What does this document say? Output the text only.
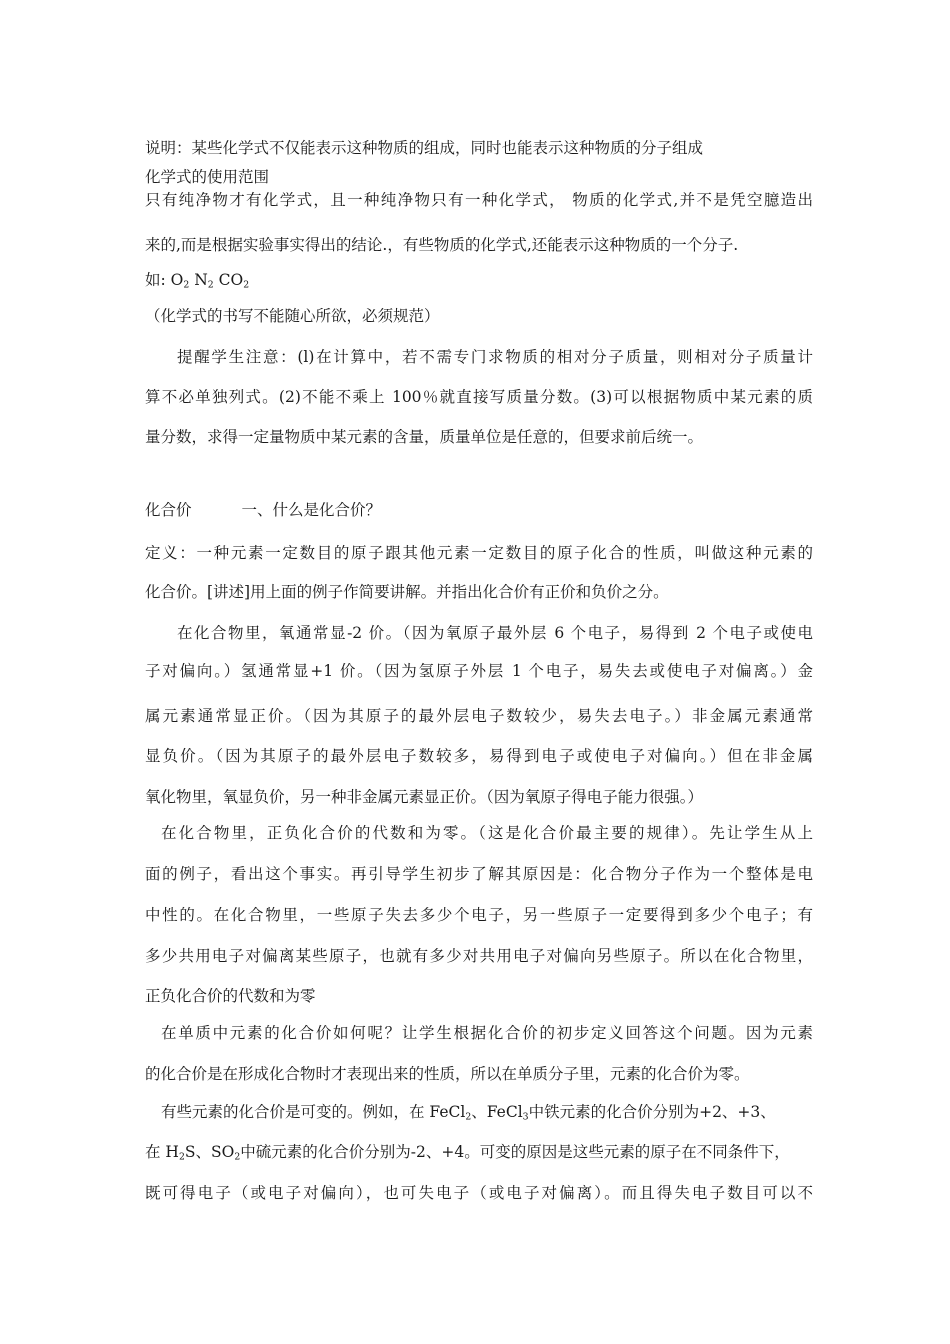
说明：某些化学式不仅能表示这种物质的组成，同时也能表示这种物质的分子组成
化学式的使用范围
只有纯净物才有化学式，且一种纯净物只有一种化学式， 物质的化学式,并不是凭空臆造出
来的,而是根据实验事实得出的结论.，有些物质的化学式,还能表示这种物质的一个分子.
如: $O_2$ $N_2$ $CO_2$
（化学式的书写不能随心所欲，必须规范）
提醒学生注意：(l)在计算中，若不需专门求物质的相对分子质量，则相对分子质量计
算不必单独列式。(2)不能不乘上 100％就直接写质量分数。(3)可以根据物质中某元素的质
量分数，求得一定量物质中某元素的含量，质量单位是任意的，但要求前后统一。
化合价	一、什么是化合价？
定义：一种元素一定数目的原子跟其他元素一定数目的原子化合的性质，叫做这种元素的
化合价。[讲述]用上面的例子作简要讲解。并指出化合价有正价和负价之分。
在化合物里，氧通常显-2 价。（因为氧原子最外层 6 个电子，易得到 2 个电子或使电
子对偏向。）氢通常显+1 价。（因为氢原子外层 1 个电子，易失去或使电子对偏离。）金
属元素通常显正价。（因为其原子的最外层电子数较少，易失去电子。）非金属元素通常
显负价。（因为其原子的最外层电子数较多，易得到电子或使电子对偏向。）但在非金属
氧化物里，氧显负价，另一种非金属元素显正价。（因为氧原子得电子能力很强。）
在化合物里，正负化合价的代数和为零。（这是化合价最主要的规律）。先让学生从上
面的例子，看出这个事实。再引导学生初步了解其原因是：化合物分子作为一个整体是电
中性的。在化合物里，一些原子失去多少个电子，另一些原子一定要得到多少个电子；有
多少共用电子对偏离某些原子，也就有多少对共用电子对偏向另些原子。所以在化合物里，
正负化合价的代数和为零
在单质中元素的化合价如何呢？让学生根据化合价的初步定义回答这个问题。因为元素
的化合价是在形成化合物时才表现出来的性质，所以在单质分子里，元素的化合价为零。
有些元素的化合价是可变的。例如，在 FeCl$_2$、FeCl$_3$中铁元素的化合价分别为+2、+3、
在 $H_2S$、$SO_2$中硫元素的化合价分别为-2、+4。可变的原因是这些元素的原子在不同条件下，
既可得电子（或电子对偏向），也可失电子（或电子对偏离）。而且得失电子数目可以不
